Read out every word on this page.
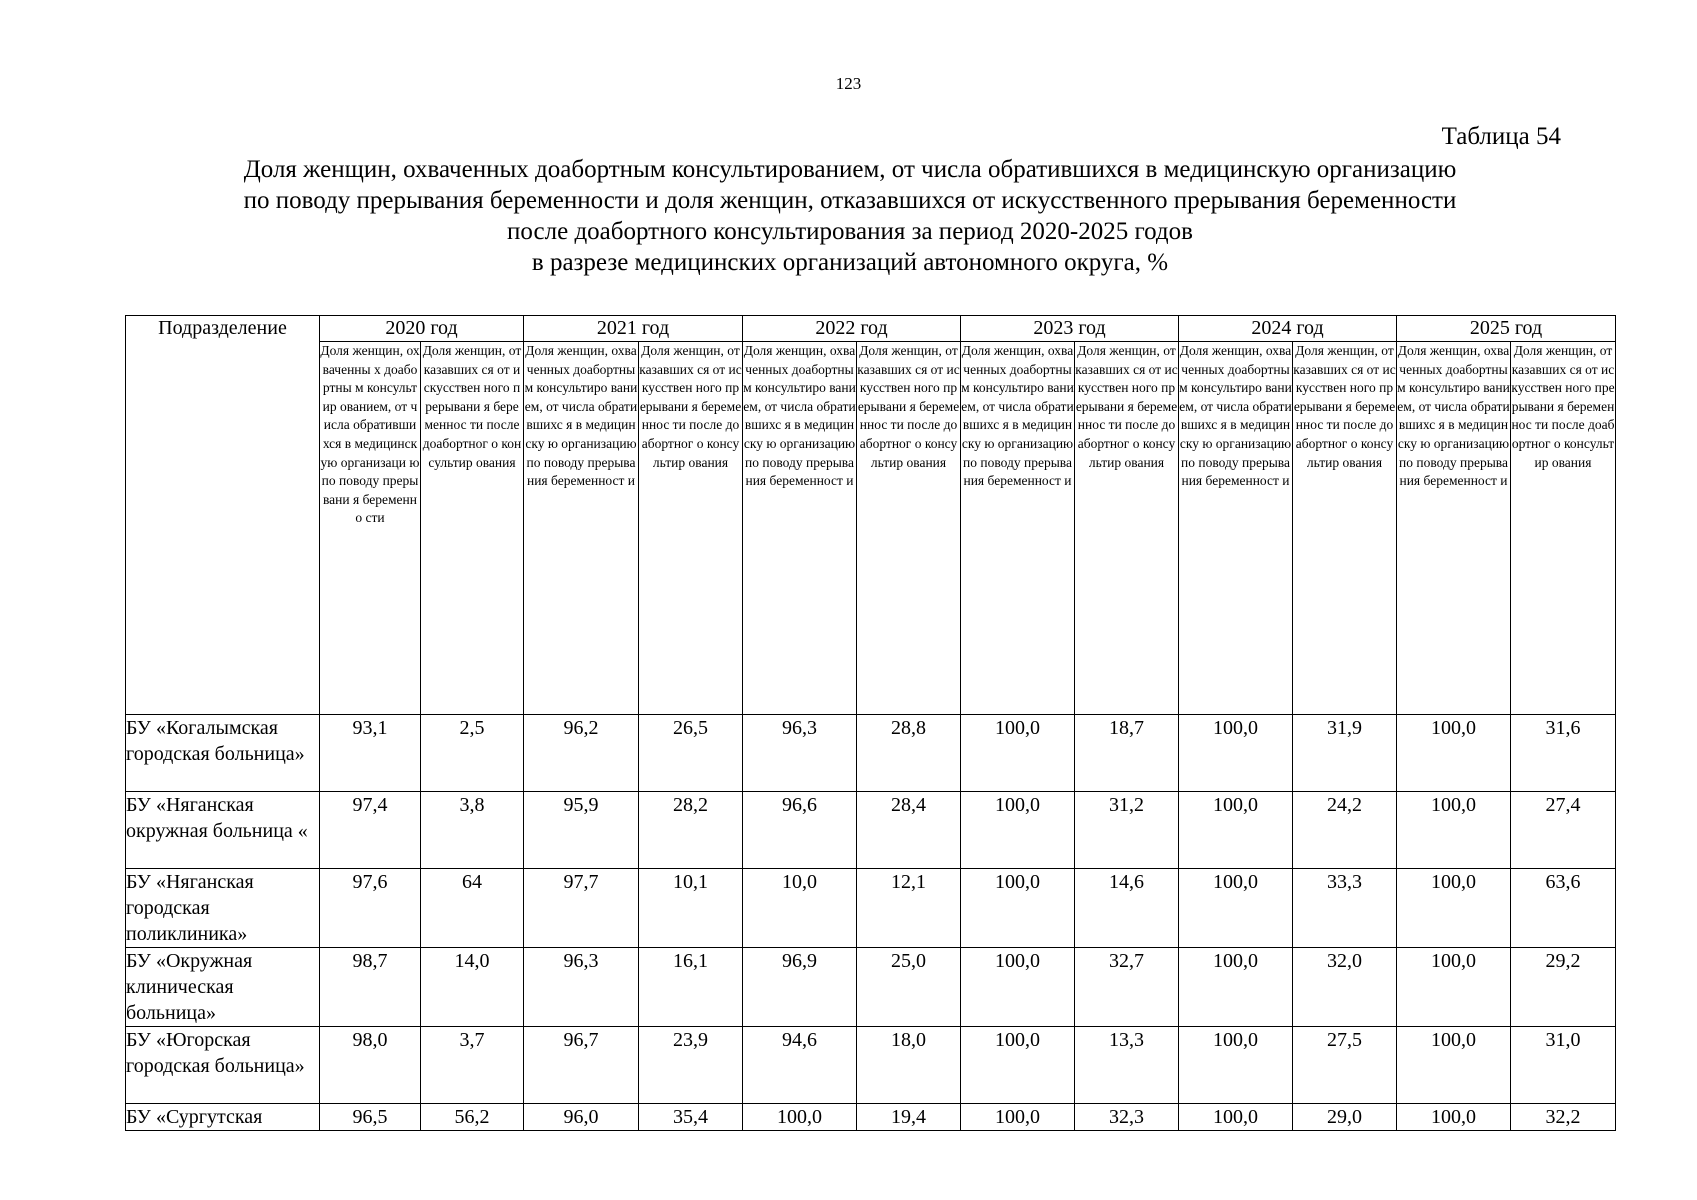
123
Таблица 54
Доля женщин, охваченных доабортным консультированием, от числа обратившихся в медицинскую организацию
по поводу прерывания беременности и доля женщин, отказавшихся от искусственного прерывания беременности
после доабортного консультирования за период 2020-2025 годов
в разрезе медицинских организаций автономного округа, %
Подразделение	2020 год		2021 год		2022 год		2023 год		2024 год		2025 год	
	Доля женщин, охваченны х доабортны м консультир ованием, от числа обративши хся в медицинск ую организаци ю по поводу прерывани я беременно сти	Доля женщин, отказавших ся от искусствен ного прерывани я беременнос ти после доабортног о консультир ования	Доля женщин, охваченных доабортным консультиро ванием, от числа обратившихс я в медицинску ю организацию по поводу прерывания беременност и	Доля женщин, отказавших ся от искусствен ного прерывани я беременнос ти после доабортног о консультир ования	Доля женщин, охваченных доабортным консультиро ванием, от числа обратившихс я в медицинску ю организацию по поводу прерывания беременност и	Доля женщин, отказавших ся от искусствен ного прерывани я беременнос ти после доабортног о консультир ования	Доля женщин, охваченных доабортным консультиро ванием, от числа обратившихс я в медицинску ю организацию по поводу прерывания беременност и	Доля женщин, отказавших ся от искусствен ного прерывани я беременнос ти после доабортног о консультир ования	Доля женщин, охваченных доабортным консультиро ванием, от числа обратившихс я в медицинску ю организацию по поводу прерывания беременност и	Доля женщин, отказавших ся от искусствен ного прерывани я беременнос ти после доабортног о консультир ования	Доля женщин, охваченных доабортным консультиро ванием, от числа обратившихс я в медицинску ю организацию по поводу прерывания беременност и	Доля женщин, отказавших ся от искусствен ного прерывани я беременнос ти после доабортног о консультир ования
БУ «Когалымская городская больница»	93,1	2,5	96,2	26,5	96,3	28,8	100,0	18,7	100,0	31,9	100,0	31,6
БУ «Няганская окружная больница «	97,4	3,8	95,9	28,2	96,6	28,4	100,0	31,2	100,0	24,2	100,0	27,4
БУ «Няганская городская поликлиника»	97,6	64	97,7	10,1	10,0	12,1	100,0	14,6	100,0	33,3	100,0	63,6
БУ «Окружная клиническая больница»	98,7	14,0	96,3	16,1	96,9	25,0	100,0	32,7	100,0	32,0	100,0	29,2
БУ «Югорская городская больница»	98,0	3,7	96,7	23,9	94,6	18,0	100,0	13,3	100,0	27,5	100,0	31,0
БУ «Сургутская	96,5	56,2	96,0	35,4	100,0	19,4	100,0	32,3	100,0	29,0	100,0	32,2
